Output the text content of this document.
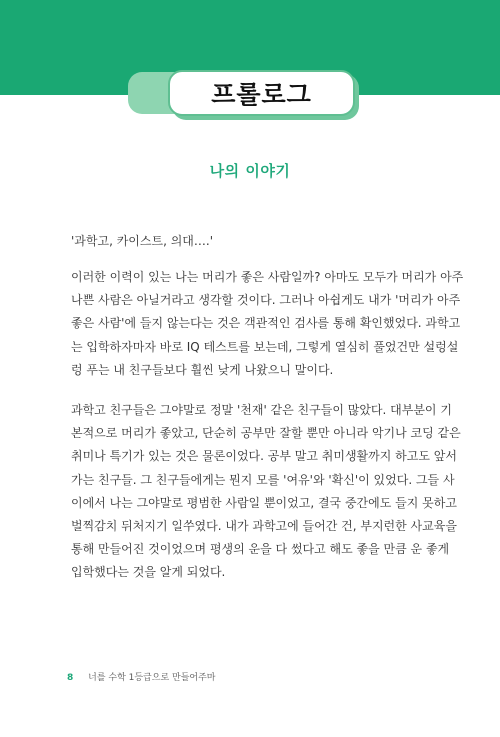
프롤로그
나의 이야기
'과학고, 카이스트, 의대….'
이러한 이력이 있는 나는 머리가 좋은 사람일까? 아마도 모두가 머리가 아주
나쁜 사람은 아닐거라고 생각할 것이다. 그러나 아쉽게도 내가 '머리가 아주
좋은 사람'에 들지 않는다는 것은 객관적인 검사를 통해 확인했었다. 과학고
는 입학하자마자 바로 IQ 테스트를 보는데, 그렇게 열심히 풀었건만 설렁설
렁 푸는 내 친구들보다 훨씬 낮게 나왔으니 말이다.
과학고 친구들은 그야말로 정말 '천재' 같은 친구들이 많았다. 대부분이 기
본적으로 머리가 좋았고, 단순히 공부만 잘할 뿐만 아니라 악기나 코딩 같은
취미나 특기가 있는 것은 물론이었다. 공부 말고 취미생활까지 하고도 앞서
가는 친구들. 그 친구들에게는 뭔지 모를 '여유'와 '확신'이 있었다. 그들 사
이에서 나는 그야말로 평범한 사람일 뿐이었고, 결국 중간에도 들지 못하고
벌찍감치 뒤처지기 일쑤였다. 내가 과학고에 들어간 건, 부지런한 사교육을
통해 만들어진 것이었으며 평생의 운을 다 썼다고 해도 좋을 만큼 운 좋게
입학했다는 것을 알게 되었다.
8 너를 수학 1등급으로 만들어주마
